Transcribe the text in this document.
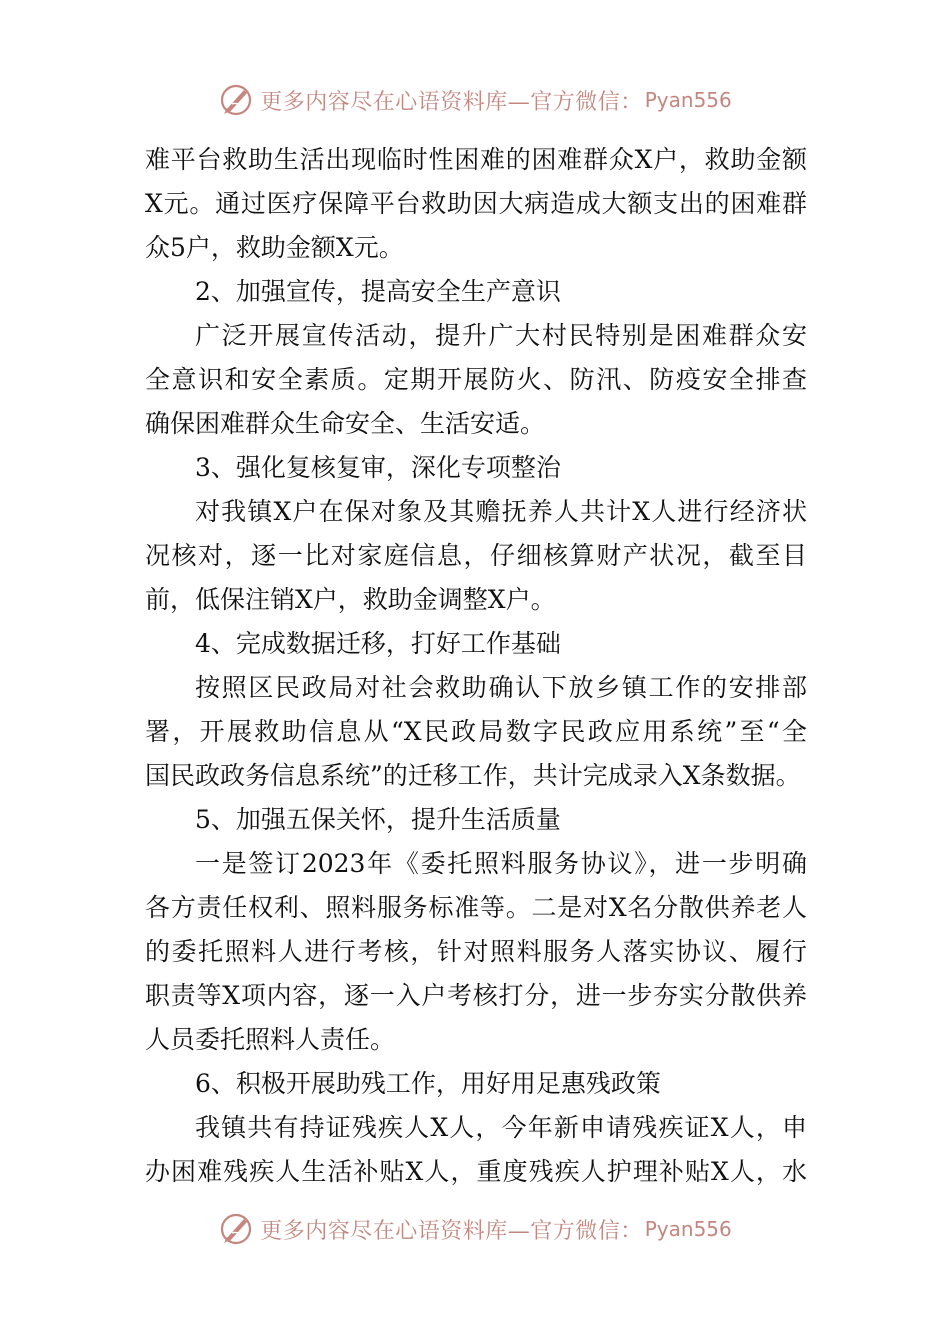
更多内容尽在心语资料库—官方微信： Pyan556
难平台救助生活出现临时性困难的困难群众X户，救助金额
X元。通过医疗保障平台救助因大病造成大额支出的困难群
众5户，救助金额X元。
2、加强宣传，提高安全生产意识
广泛开展宣传活动，提升广大村民特别是困难群众安
全意识和安全素质。定期开展防火、防汛、防疫安全排查
确保困难群众生命安全、生活安适。
3、强化复核复审，深化专项整治
对我镇X户在保对象及其赡抚养人共计X人进行经济状
况核对，逐一比对家庭信息，仔细核算财产状况，截至目
前，低保注销X户，救助金调整X户。
4、完成数据迁移，打好工作基础
按照区民政局对社会救助确认下放乡镇工作的安排部
署，开展救助信息从“X民政局数字民政应用系统”至“全
国民政政务信息系统”的迁移工作，共计完成录入X条数据。
5、加强五保关怀，提升生活质量
一是签订2023年《委托照料服务协议》，进一步明确
各方责任权利、照料服务标准等。二是对X名分散供养老人
的委托照料人进行考核，针对照料服务人落实协议、履行
职责等X项内容，逐一入户考核打分，进一步夯实分散供养
人员委托照料人责任。
6、积极开展助残工作，用好用足惠残政策
我镇共有持证残疾人X人，今年新申请残疾证X人，申
办困难残疾人生活补贴X人，重度残疾人护理补贴X人，水
更多内容尽在心语资料库—官方微信： Pyan556
